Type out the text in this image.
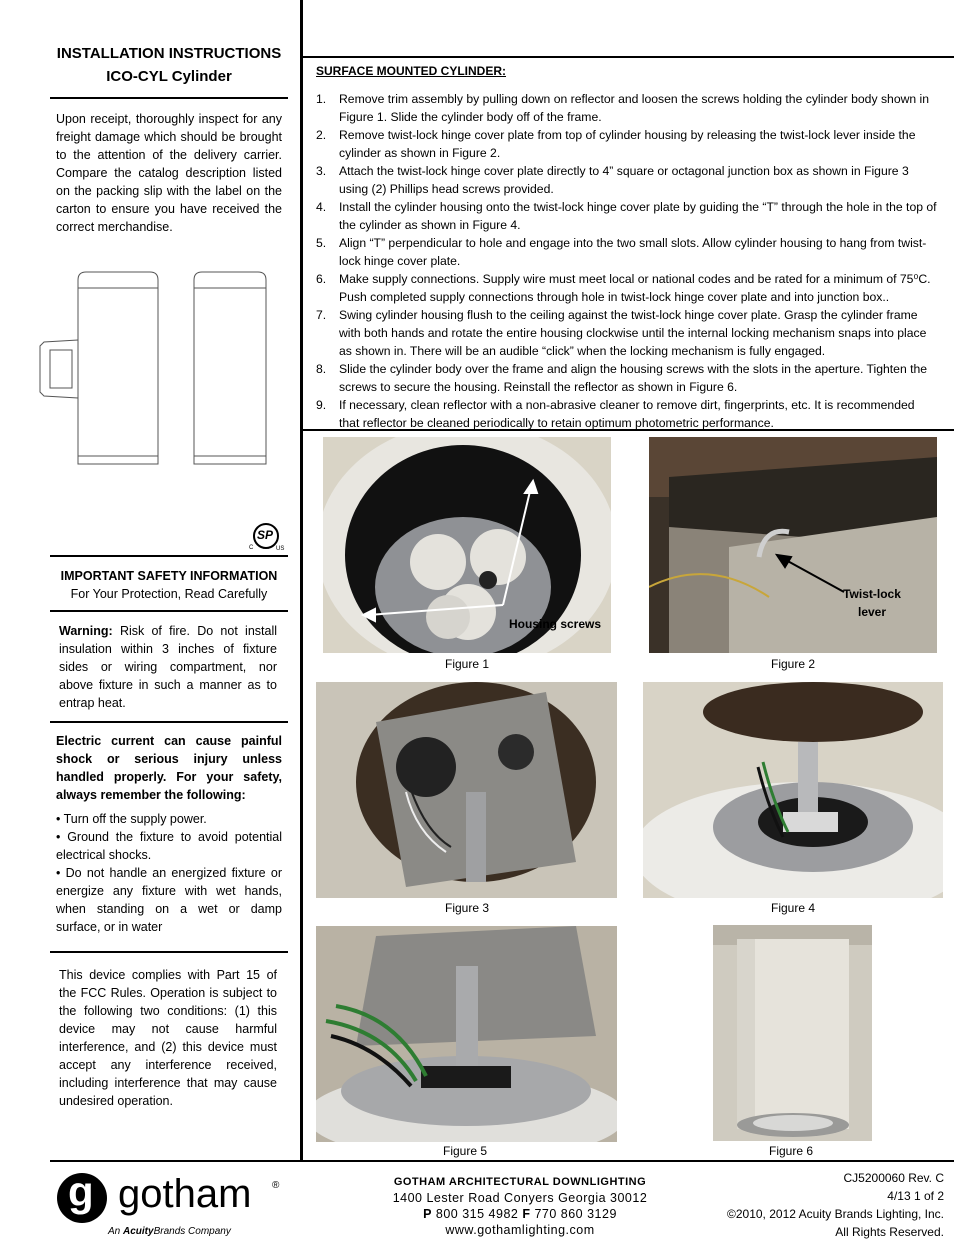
INSTALLATION INSTRUCTIONS
ICO-CYL Cylinder
Upon receipt, thoroughly inspect for any freight damage which should be brought to the attention of the delivery carrier. Compare the catalog description listed on the packing slip with the label on the carton to ensure you have received the correct merchandise.
SP
C	US
IMPORTANT SAFETY INFORMATION
For Your Protection, Read Carefully
Warning: Risk of fire. Do not install insulation within 3 inches of fixture sides or wiring compartment, nor above fixture in such a manner as to entrap heat.
Electric current can cause painful shock or serious injury unless handled properly. For your safety, always remember the following:
• Turn off the supply power.
• Ground the fixture to avoid potential electrical shocks.
• Do not handle an energized fixture or energize any fixture with wet hands, when standing on a wet or damp surface, or in water
This device complies with Part 15 of the FCC Rules. Operation is subject to the following two conditions: (1) this device may not cause harmful interference, and (2) this device must accept any interference received, including interference that may cause undesired operation.
SURFACE MOUNTED CYLINDER:
1. Remove trim assembly by pulling down on reflector and loosen the screws holding the cylinder body shown in Figure 1. Slide the cylinder body off of the frame.
2. Remove twist-lock hinge cover plate from top of cylinder housing by releasing the twist-lock lever inside the cylinder as shown in Figure 2.
3. Attach the twist-lock hinge cover plate directly to 4” square or octagonal junction box as shown in Figure 3 using (2) Phillips head screws provided.
4. Install the cylinder housing onto the twist-lock hinge cover plate by guiding the “T” through the hole in the top of the cylinder as shown in Figure 4.
5. Align “T” perpendicular to hole and engage into the two small slots. Allow cylinder housing to hang from twist-lock hinge cover plate.
6. Make supply connections. Supply wire must meet local or national codes and be rated for a minimum of 75⁰C. Push completed supply connections through hole in twist-lock hinge cover plate and into junction box..
7. Swing cylinder housing flush to the ceiling against the twist-lock hinge cover plate. Grasp the cylinder frame with both hands and rotate the entire housing clockwise until the internal locking mechanism snaps into place as shown in. There will be an audible “click” when the locking mechanism is fully engaged.
8. Slide the cylinder body over the frame and align the housing screws with the slots in the aperture. Tighten the screws to secure the housing. Reinstall the reflector as shown in Figure 6.
9. If necessary, clean reflector with a non-abrasive cleaner to remove dirt, fingerprints, etc. It is recommended that reflector be cleaned periodically to retain optimum photometric performance.
Housing screws
Figure 1
Twist-lock
lever
Figure 2
Figure 3	Figure 4
Figure 5	Figure 6
g gotham ®
An AcuityBrands Company
GOTHAM ARCHITECTURAL DOWNLIGHTING
1400 Lester Road Conyers Georgia 30012
P 800 315 4982 F 770 860 3129
www.gothamlighting.com
CJ5200060 Rev. C
4/13 1 of 2
©2010, 2012 Acuity Brands Lighting, Inc.
All Rights Reserved.
